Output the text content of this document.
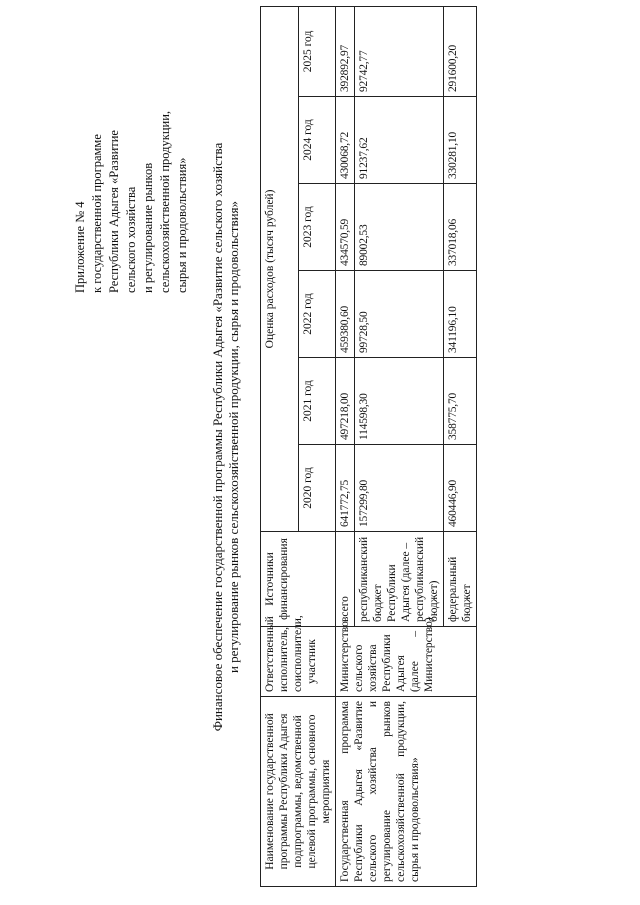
Приложение № 4 к государственной программе Республики Адыгея «Развитие сельского хозяйства и регулирование рынков сельскохозяйственной продукции, сырья и продовольствия» Финансовое обеспечение государственной программы Республики Адыгея «Развитие сельского хозяйства и регулирование рынков сельскохозяйственной продукции, сырья и продовольствия»
Наименование государственной программы Республики Адыгея подпрограммы, ведомственной целевой программы, основного мероприятия	Ответственный исполнитель, соисполнители, участник	Источники финансирования	Оценка расходов (тысяч рублей)					
			2020 год	2021 год	2022 год	2023 год	2024 год	2025 год
Государственная программа Республики Адыгея «Развитие сельского хозяйства и регулирование рынков сельскохозяйственной продукции, сырья и продовольствия»	Министерство сельского хозяйства Республики Адыгея (далее – Министерство)	всего	641772,75	497218,00	459380,60	434570,59	430068,72	392892,97
		республиканский бюджет Республики Адыгея (далее – республиканский бюджет)	157299,80	114598,30	99728,50	89002,53	91237,62	92742,77
		федеральный бюджет	460446,90	358775,70	341196,10	337018,06	330281,10	291600,20
